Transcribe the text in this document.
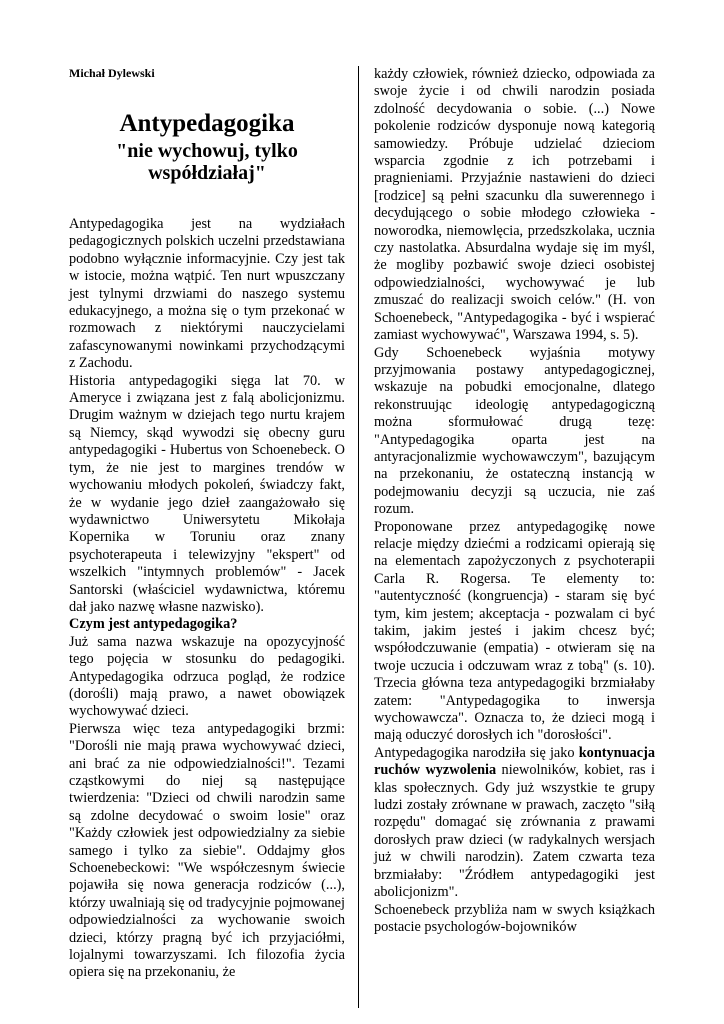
Michał Dylewski
Antypedagogika
"nie wychowuj, tylko współdziałaj"

Antypedagogika jest na wydziałach pedagogicznych polskich uczelni przedstawiana podobno wyłącznie informacyjnie. Czy jest tak w istocie, można wątpić. Ten nurt wpuszczany jest tylnymi drzwiami do naszego systemu edukacyjnego, a można się o tym przekonać w rozmowach z niektórymi nauczycielami zafascynowanymi nowinkami przychodzącymi z Zachodu.

Historia antypedagogiki sięga lat 70. w Ameryce i związana jest z falą abolicjonizmu. Drugim ważnym w dziejach tego nurtu krajem są Niemcy, skąd wywodzi się obecny guru antypedagogiki - Hubertus von Schoenebeck. O tym, że nie jest to margines trendów w wychowaniu młodych pokoleń, świadczy fakt, że w wydanie jego dzieł zaangażowało się wydawnictwo Uniwersytetu Mikołaja Kopernika w Toruniu oraz znany psychoterapeuta i telewizyjny "ekspert" od wszelkich "intymnych problemów" - Jacek Santorski (właściciel wydawnictwa, któremu dał jako nazwę własne nazwisko).

Czym jest antypedagogika?

Już sama nazwa wskazuje na opozycyjność tego pojęcia w stosunku do pedagogiki. Antypedagogika odrzuca pogląd, że rodzice (dorośli) mają prawo, a nawet obowiązek wychowywać dzieci.

Pierwsza więc teza antypedagogiki brzmi: "Dorośli nie mają prawa wychowywać dzieci, ani brać za nie odpowiedzialności!". Tezami cząstkowymi do niej są następujące twierdzenia: "Dzieci od chwili narodzin same są zdolne decydować o swoim losie" oraz "Każdy człowiek jest odpowiedzialny za siebie samego i tylko za siebie". Oddajmy głos Schoenebeckowi: "We współczesnym świecie pojawiła się nowa generacja rodziców (...), którzy uwalniają się od tradycyjnie pojmowanej odpowiedzialności za wychowanie swoich dzieci, którzy pragną być ich przyjaciółmi, lojalnymi towarzyszami. Ich filozofia życia opiera się na przekonaniu, że

każdy człowiek, również dziecko, odpowiada za swoje życie i od chwili narodzin posiada zdolność decydowania o sobie. (...) Nowe pokolenie rodziców dysponuje nową kategorią samowiedzy. Próbuje udzielać dzieciom wsparcia zgodnie z ich potrzebami i pragnieniami. Przyjaźnie nastawieni do dzieci [rodzice] są pełni szacunku dla suwerennego i decydującego o sobie młodego człowieka - noworodka, niemowlęcia, przedszkolaka, ucznia czy nastolatka. Absurdalna wydaje się im myśl, że mogliby pozbawić swoje dzieci osobistej odpowiedzialności, wychowywać je lub zmuszać do realizacji swoich celów." (H. von Schoenebeck, "Antypedagogika - być i wspierać zamiast wychowywać", Warszawa 1994, s. 5).

Gdy Schoenebeck wyjaśnia motywy przyjmowania postawy antypedagogicznej, wskazuje na pobudki emocjonalne, dlatego rekonstruując ideologię antypedagogiczną można sformułować drugą tezę: "Antypedagogika oparta jest na antyracjonalizmie wychowawczym", bazującym na przekonaniu, że ostateczną instancją w podejmowaniu decyzji są uczucia, nie zaś rozum.

Proponowane przez antypedagogikę nowe relacje między dziećmi a rodzicami opierają się na elementach zapożyczonych z psychoterapii Carla R. Rogersa. Te elementy to: "autentyczność (kongruencja) - staram się być tym, kim jestem; akceptacja - pozwalam ci być takim, jakim jesteś i jakim chcesz być; współodczuwanie (empatia) - otwieram się na twoje uczucia i odczuwam wraz z tobą" (s. 10). Trzecia główna teza antypedagogiki brzmiałaby zatem: "Antypedagogika to inwersja wychowawcza". Oznacza to, że dzieci mogą i mają oduczyć dorosłych ich "dorosłości".

Antypedagogika narodziła się jako kontynuacja ruchów wyzwolenia niewolników, kobiet, ras i klas społecznych. Gdy już wszystkie te grupy ludzi zostały zrównane w prawach, zaczęto "siłą rozpędu" domagać się zrównania z prawami dorosłych praw dzieci (w radykalnych wersjach już w chwili narodzin). Zatem czwarta teza brzmiałaby: "Źródłem antypedagogiki jest abolicjonizm".

Schoenebeck przybliża nam w swych książkach postacie psychologów-bojowników
